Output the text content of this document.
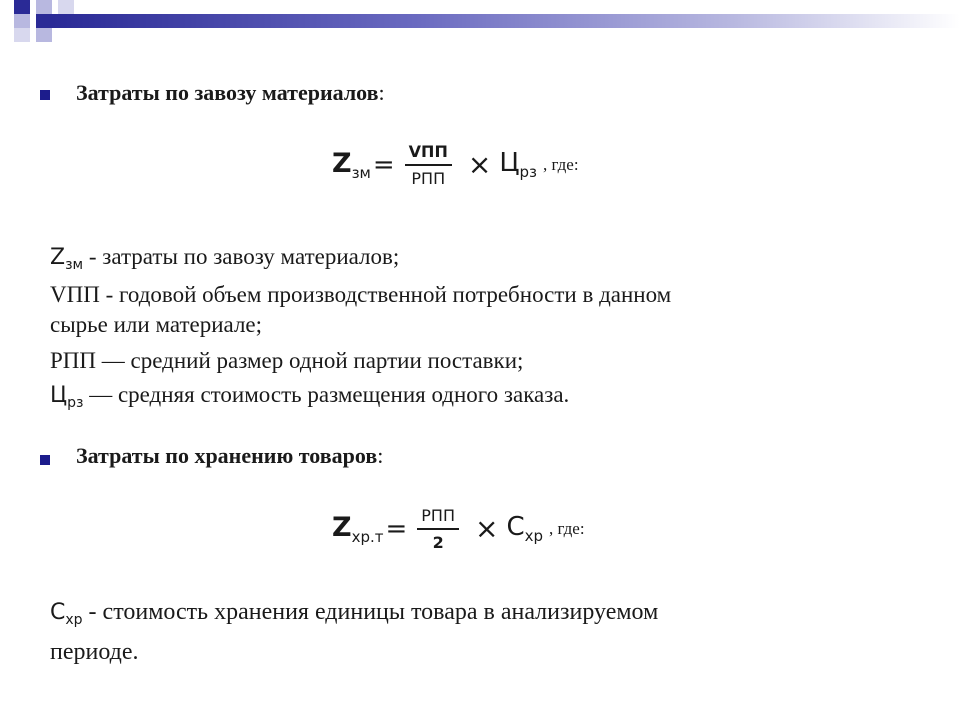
Затраты по завозу материалов:
$Z_{зм} = \frac{\text{VПП}}{\text{РПП}} \times Ц_{рз}$ , где:

$Z_{зм}$ - затраты по завозу материалов;

VПП - годовой объем производственной потребности в данном

сырье или материале;

РПП — средний размер одной партии поставки;

$Ц_{рз}$ — средняя стоимость размещения одного заказа.

Затраты по хранению товаров:
$Z_{хр.т} = \frac{\text{РПП}}{2} \times С_{хр}$ , где:

$С_{хр}$ - стоимость хранения единицы товара в анализируемом

периоде.
